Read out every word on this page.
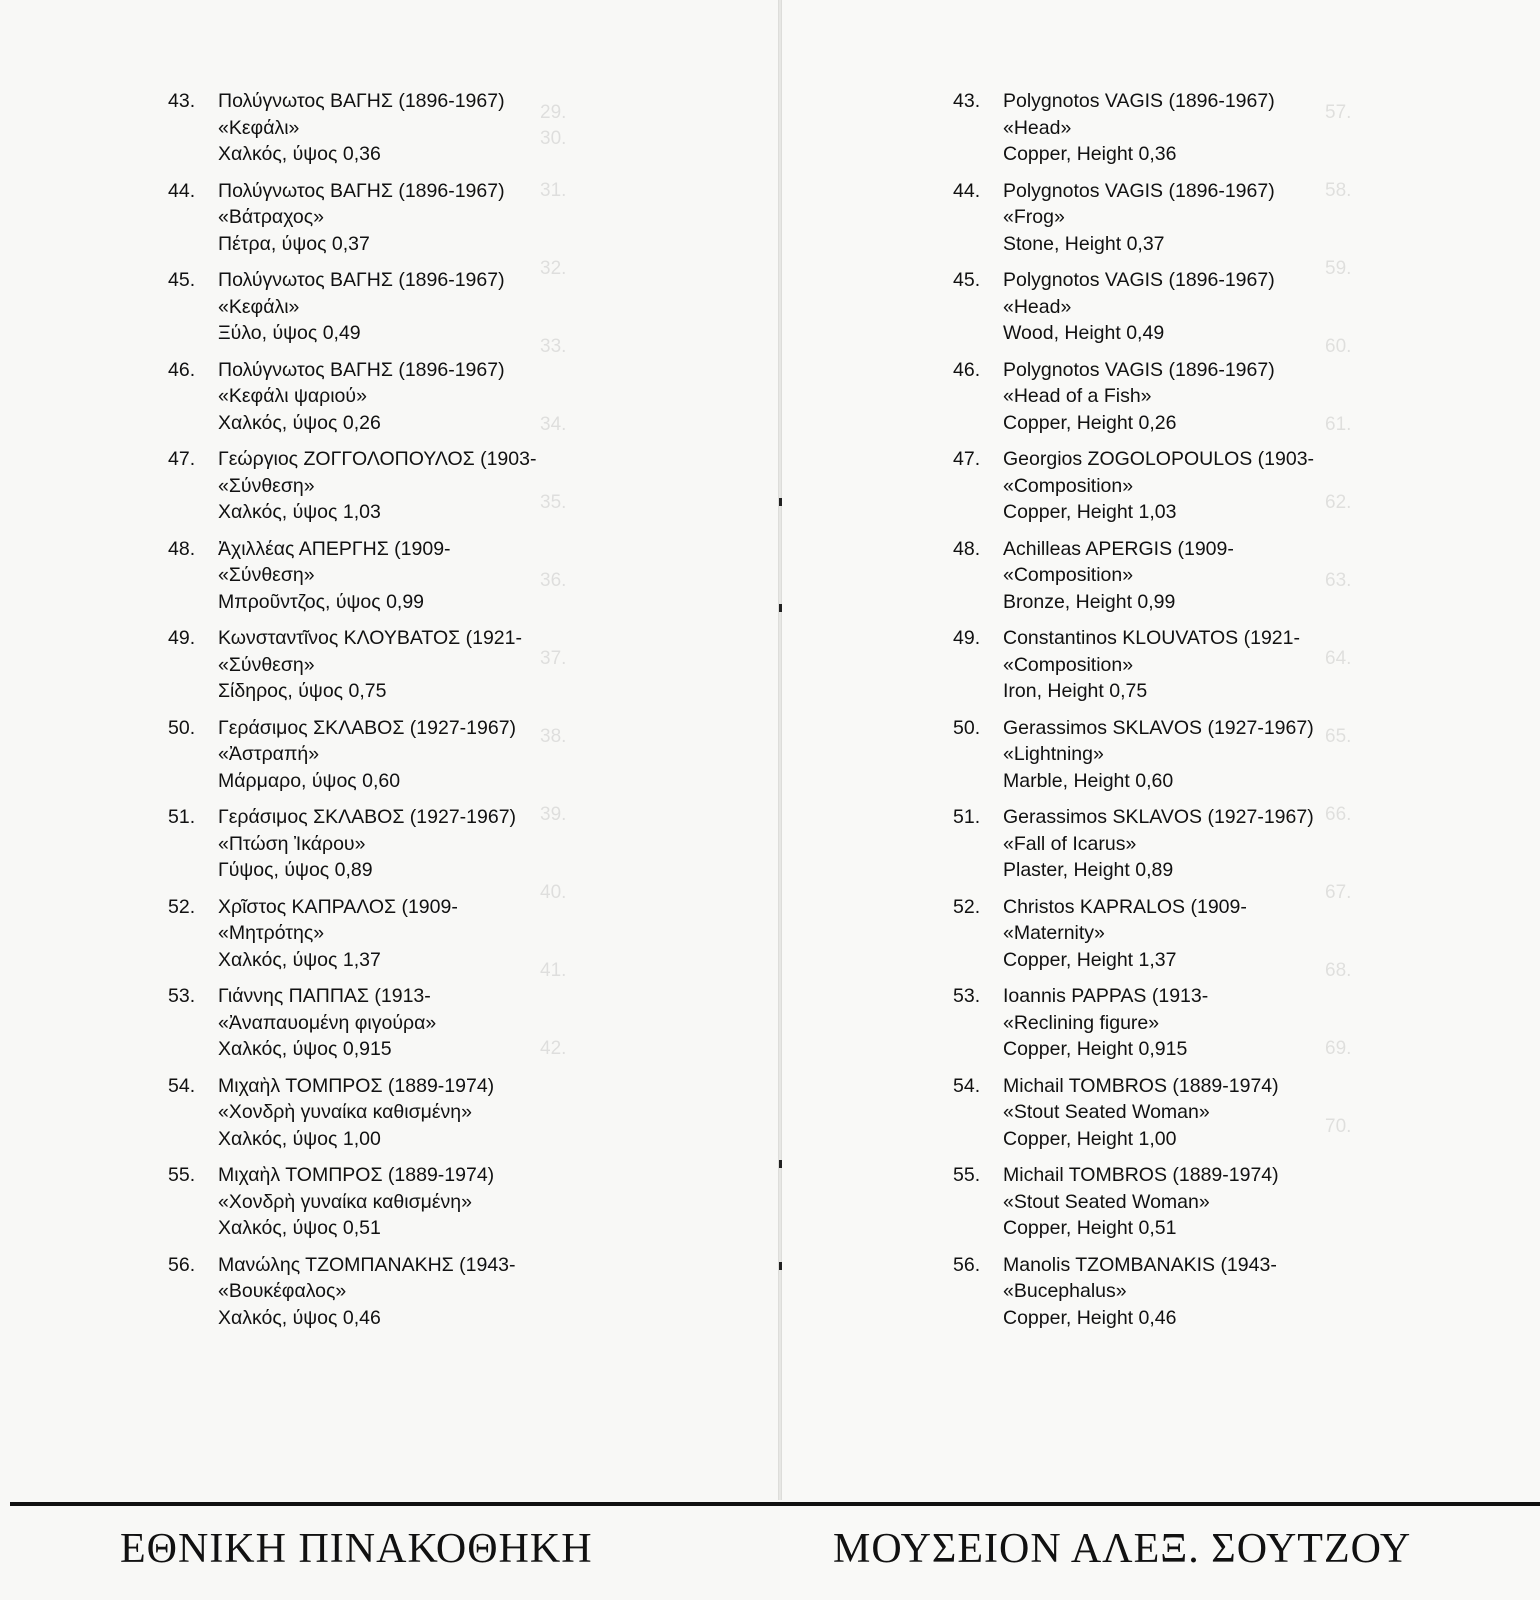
43.	Πολύγνωτος ΒΑΓΗΣ (1896-1967)
«Κεφάλι»
Χαλκός, ύψος 0,36
44.	Πολύγνωτος ΒΑΓΗΣ (1896-1967)
«Βάτραχος»
Πέτρα, ύψος 0,37
45.	Πολύγνωτος ΒΑΓΗΣ (1896-1967)
«Κεφάλι»
Ξύλο, ύψος 0,49
46.	Πολύγνωτος ΒΑΓΗΣ (1896-1967)
«Κεφάλι ψαριού»
Χαλκός, ύψος 0,26
47.	Γεώργιος ΖΟΓΓΟΛΟΠΟΥΛΟΣ (1903-
«Σύνθεση»
Χαλκός, ύψος 1,03
48.	Ἀχιλλέας ΑΠΕΡΓΗΣ (1909-
«Σύνθεση»
Μπροῦντζος, ύψος 0,99
49.	Κωνσταντῖνος ΚΛΟΥΒΑΤΟΣ (1921-
«Σύνθεση»
Σίδηρος, ύψος 0,75
50.	Γεράσιμος ΣΚΛΑΒΟΣ (1927-1967)
«Ἀστραπή»
Μάρμαρο, ύψος 0,60
51.	Γεράσιμος ΣΚΛΑΒΟΣ (1927-1967)
«Πτώση Ἰκάρου»
Γύψος, ύψος 0,89
52.	Χρῖστος ΚΑΠΡΑΛΟΣ (1909-
«Μητρότης»
Χαλκός, ύψος 1,37
53.	Γιάννης ΠΑΠΠΑΣ (1913-
«Ἀναπαυομένη φιγούρα»
Χαλκός, ύψος 0,915
54.	Μιχαὴλ ΤΟΜΠΡΟΣ (1889-1974)
«Χονδρὴ γυναίκα καθισμένη»
Χαλκός, ύψος 1,00
55.	Μιχαὴλ ΤΟΜΠΡΟΣ (1889-1974)
«Χονδρὴ γυναίκα καθισμένη»
Χαλκός, ύψος 0,51
56.	Μανώλης ΤΖΟΜΠΑΝΑΚΗΣ (1943-
«Βουκέφαλος»
Χαλκός, ύψος 0,46
43.	Polygnotos VAGIS (1896-1967)
«Head»
Copper, Height 0,36
44.	Polygnotos VAGIS (1896-1967)
«Frog»
Stone, Height 0,37
45.	Polygnotos VAGIS (1896-1967)
«Head»
Wood, Height 0,49
46.	Polygnotos VAGIS (1896-1967)
«Head of a Fish»
Copper, Height 0,26
47.	Georgios ZOGOLOPOULOS (1903-
«Composition»
Copper, Height 1,03
48.	Achilleas APERGIS (1909-
«Composition»
Bronze, Height 0,99
49.	Constantinos KLOUVATOS (1921-
«Composition»
Iron, Height 0,75
50.	Gerassimos SKLAVOS (1927-1967)
«Lightning»
Marble, Height 0,60
51.	Gerassimos SKLAVOS (1927-1967)
«Fall of Icarus»
Plaster, Height 0,89
52.	Christos KAPRALOS (1909-
«Maternity»
Copper, Height 1,37
53.	Ioannis PAPPAS (1913-
«Reclining figure»
Copper, Height 0,915
54.	Michail TOMBROS (1889-1974)
«Stout Seated Woman»
Copper, Height 1,00
55.	Michail TOMBROS (1889-1974)
«Stout Seated Woman»
Copper, Height 0,51
56.	Manolis TZOMBANAKIS (1943-
«Bucephalus»
Copper, Height 0,46

ΕΘΝΙΚΗ ΠΙΝΑΚΟΘΗΚΗ	ΜΟΥΣΕΙΟΝ ΑΛΕΞ. ΣΟΥΤΖΟΥ
